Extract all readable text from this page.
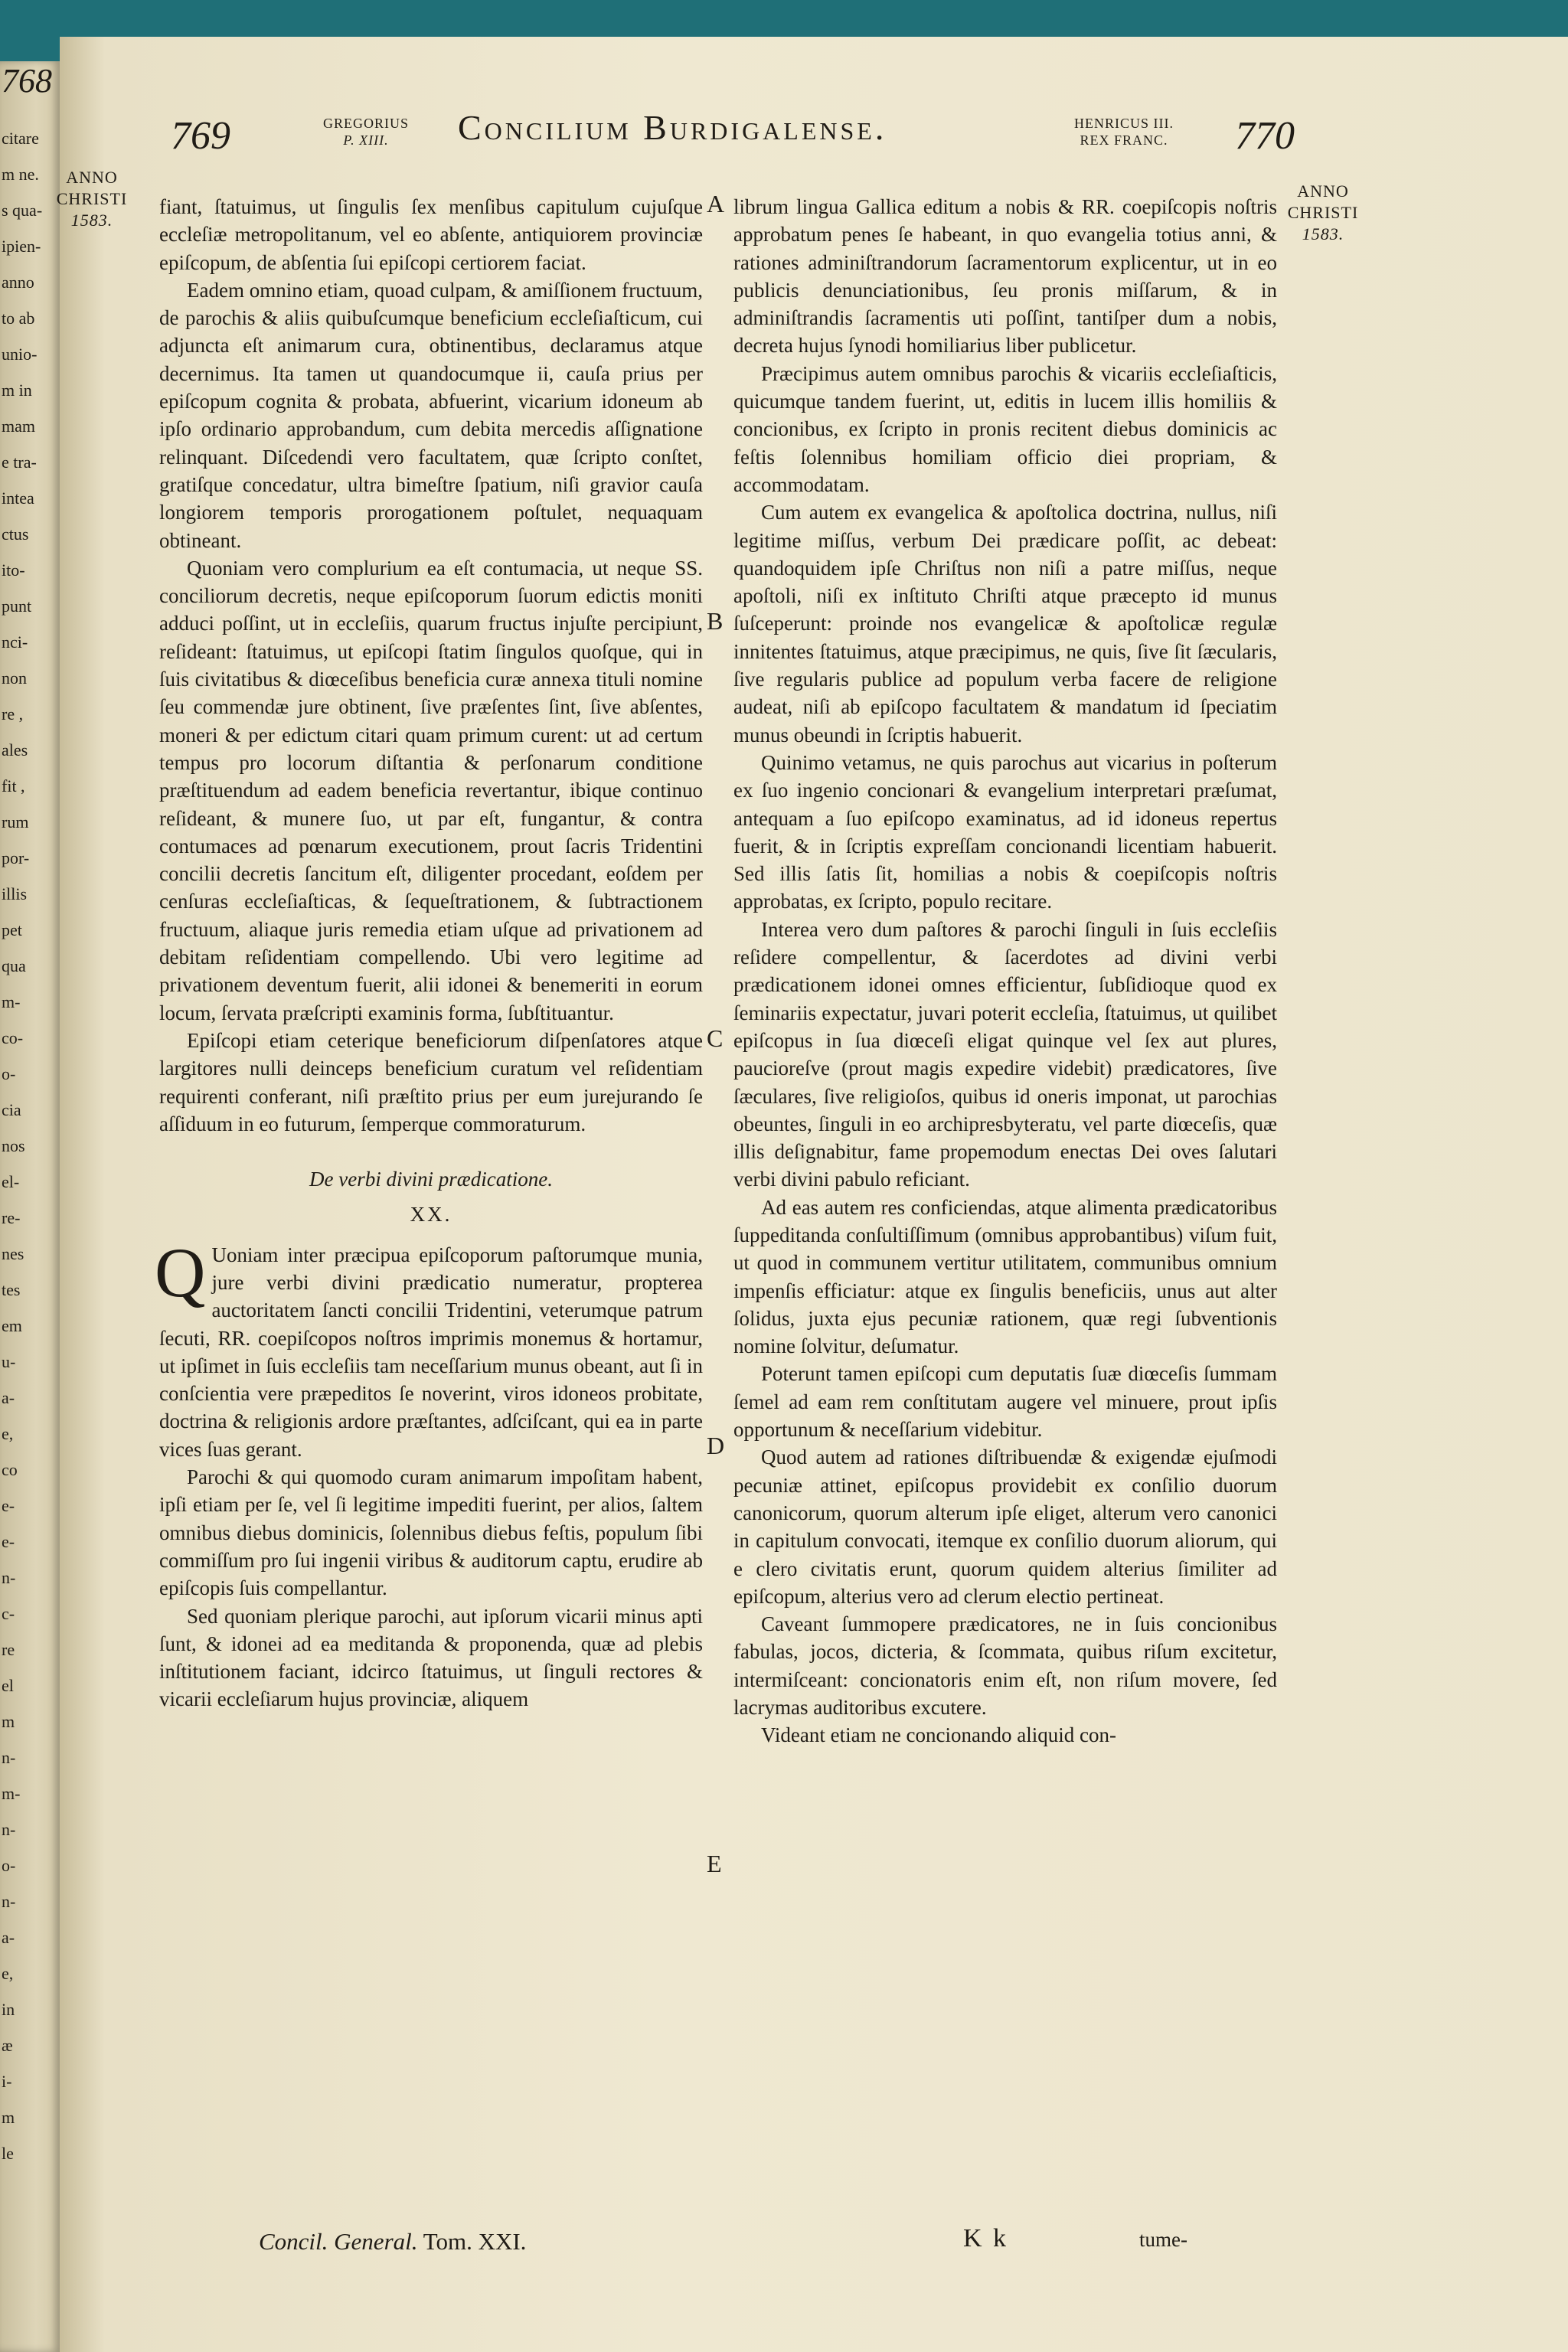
768
citare
m ne.
s qua-
ipien-
anno
to ab
unio-
m in
mam
e tra-
intea
ctus
ito-
punt
nci-
non
re ,
ales
fit ,
rum
por-
illis
pet
qua
m-
co-
o-
cia
nos
el-
re-
nes
tes
em
u-
a-
e,
co
e-
e-
n-
c-
re
el
m
n-
m-
n-
o-
n-
a-
e,
in
æ
i-
m
le
769	GREGORIUS
P. XIII.	Concilium Burdigalense.	HENRICUS III.
REX FRANC.	770
ANNO
CHRISTI
1583.
ANNO
CHRISTI
1583.
A
B
C
D
E

fiant, ſtatuimus, ut ſingulis ſex menſibus capitulum cujuſque eccleſiæ metropolitanum, vel eo abſente, antiquiorem provinciæ epiſcopum, de abſentia ſui epiſcopi certiorem faciat.

Eadem omnino etiam, quoad culpam, & amiſſionem fructuum, de parochis & aliis quibuſcumque beneficium eccleſiaſticum, cui adjuncta eſt animarum cura, obtinentibus, declaramus atque decernimus. Ita tamen ut quandocumque ii, cauſa prius per epiſcopum cognita & probata, abfuerint, vicarium idoneum ab ipſo ordinario approbandum, cum debita mercedis aſſignatione relinquant. Diſcedendi vero facultatem, quæ ſcripto conſtet, gratiſque concedatur, ultra bimeſtre ſpatium, niſi gravior cauſa longiorem temporis prorogationem poſtulet, nequaquam obtineant.

Quoniam vero complurium ea eſt contumacia, ut neque SS. conciliorum decretis, neque epiſcoporum ſuorum edictis moniti adduci poſſint, ut in eccleſiis, quarum fructus injuſte percipiunt, reſideant: ſtatuimus, ut epiſcopi ſtatim ſingulos quoſque, qui in ſuis civitatibus & diœceſibus beneficia curæ annexa tituli nomine ſeu commendæ jure obtinent, ſive præſentes ſint, ſive abſentes, moneri & per edictum citari quam primum curent: ut ad certum tempus pro locorum diſtantia & perſonarum conditione præſtituendum ad eadem beneficia revertantur, ibique continuo reſideant, & munere ſuo, ut par eſt, fungantur, & contra contumaces ad pœnarum executionem, prout ſacris Tridentini concilii decretis ſancitum eſt, diligenter procedant, eoſdem per cenſuras eccleſiaſticas, & ſequeſtrationem, & ſubtractionem fructuum, aliaque juris remedia etiam uſque ad privationem ad debitam reſidentiam compellendo. Ubi vero legitime ad privationem deventum fuerit, alii idonei & benemeriti in eorum locum, ſervata præſcripti examinis forma, ſubſtituantur.

Epiſcopi etiam ceterique beneficiorum diſpenſatores atque largitores nulli deinceps beneficium curatum vel reſidentiam requirenti conferant, niſi præſtito prius per eum jurejurando ſe aſſiduum in eo futurum, ſemperque commoraturum.

De verbi divini prædicatione.

XX.

Q Uoniam inter præcipua epiſcoporum paſtorumque munia, jure verbi divini prædicatio numeratur, propterea auctoritatem ſancti concilii Tridentini, veterumque patrum ſecuti, RR. coepiſcopos noſtros imprimis monemus & hortamur, ut ipſimet in ſuis eccleſiis tam neceſſarium munus obeant, aut ſi in conſcientia vere præpeditos ſe noverint, viros idoneos probitate, doctrina & religionis ardore præſtantes, adſciſcant, qui ea in parte vices ſuas gerant.

Parochi & qui quomodo curam animarum impoſitam habent, ipſi etiam per ſe, vel ſi legitime impediti fuerint, per alios, ſaltem omnibus diebus dominicis, ſolennibus diebus feſtis, populum ſibi commiſſum pro ſui ingenii viribus & auditorum captu, erudire ab epiſcopis ſuis compellantur.

Sed quoniam plerique parochi, aut ipſorum vicarii minus apti ſunt, & idonei ad ea meditanda & proponenda, quæ ad plebis inſtitutionem faciant, idcirco ſtatuimus, ut ſinguli rectores & vicarii eccleſiarum hujus provinciæ, aliquem

librum lingua Gallica editum a nobis & RR. coepiſcopis noſtris approbatum penes ſe habeant, in quo evangelia totius anni, & rationes adminiſtrandorum ſacramentorum explicentur, ut in eo publicis denunciationibus, ſeu pronis miſſarum, & in adminiſtrandis ſacramentis uti poſſint, tantiſper dum a nobis, decreta hujus ſynodi homiliarius liber publicetur.

Præcipimus autem omnibus parochis & vicariis eccleſiaſticis, quicumque tandem fuerint, ut, editis in lucem illis homiliis & concionibus, ex ſcripto in pronis recitent diebus dominicis ac feſtis ſolennibus homiliam officio diei propriam, & accommodatam.

Cum autem ex evangelica & apoſtolica doctrina, nullus, niſi legitime miſſus, verbum Dei prædicare poſſit, ac debeat: quandoquidem ipſe Chriſtus non niſi a patre miſſus, neque apoſtoli, niſi ex inſtituto Chriſti atque præcepto id munus ſuſceperunt: proinde nos evangelicæ & apoſtolicæ regulæ innitentes ſtatuimus, atque præcipimus, ne quis, ſive ſit ſæcularis, ſive regularis publice ad populum verba facere de religione audeat, niſi ab epiſcopo facultatem & mandatum id ſpeciatim munus obeundi in ſcriptis habuerit.

Quinimo vetamus, ne quis parochus aut vicarius in poſterum ex ſuo ingenio concionari & evangelium interpretari præſumat, antequam a ſuo epiſcopo examinatus, ad id idoneus repertus fuerit, & in ſcriptis expreſſam concionandi licentiam habuerit. Sed illis ſatis ſit, homilias a nobis & coepiſcopis noſtris approbatas, ex ſcripto, populo recitare.

Interea vero dum paſtores & parochi ſinguli in ſuis eccleſiis reſidere compellentur, & ſacerdotes ad divini verbi prædicationem idonei omnes efficientur, ſubſidioque quod ex ſeminariis expectatur, juvari poterit eccleſia, ſtatuimus, ut quilibet epiſcopus in ſua diœceſi eligat quinque vel ſex aut plures, paucioreſve (prout magis expedire videbit) prædicatores, ſive ſæculares, ſive religioſos, quibus id oneris imponat, ut parochias obeuntes, ſinguli in eo archipresbyteratu, vel parte diœceſis, quæ illis deſignabitur, fame propemodum enectas Dei oves ſalutari verbi divini pabulo reficiant.

Ad eas autem res conficiendas, atque alimenta prædicatoribus ſuppeditanda conſultiſſimum (omnibus approbantibus) viſum fuit, ut quod in communem vertitur utilitatem, communibus omnium impenſis efficiatur: atque ex ſingulis beneficiis, unus aut alter ſolidus, juxta ejus pecuniæ rationem, quæ regi ſubventionis nomine ſolvitur, deſumatur.

Poterunt tamen epiſcopi cum deputatis ſuæ diœceſis ſummam ſemel ad eam rem conſtitutam augere vel minuere, prout ipſis opportunum & neceſſarium videbitur.

Quod autem ad rationes diſtribuendæ & exigendæ ejuſmodi pecuniæ attinet, epiſcopus providebit ex conſilio duorum canonicorum, quorum alterum ipſe eliget, alterum vero canonici in capitulum convocati, itemque ex conſilio duorum aliorum, qui e clero civitatis erunt, quorum quidem alterius ſimiliter ad epiſcopum, alterius vero ad clerum electio pertineat.

Caveant ſummopere prædicatores, ne in ſuis concionibus fabulas, jocos, dicteria, & ſcommata, quibus riſum excitetur, intermiſceant: concionatoris enim eſt, non riſum movere, ſed lacrymas auditoribus excutere.

Videant etiam ne concionando aliquid con-

Concil. General. Tom. XXI.	K k	tume-
